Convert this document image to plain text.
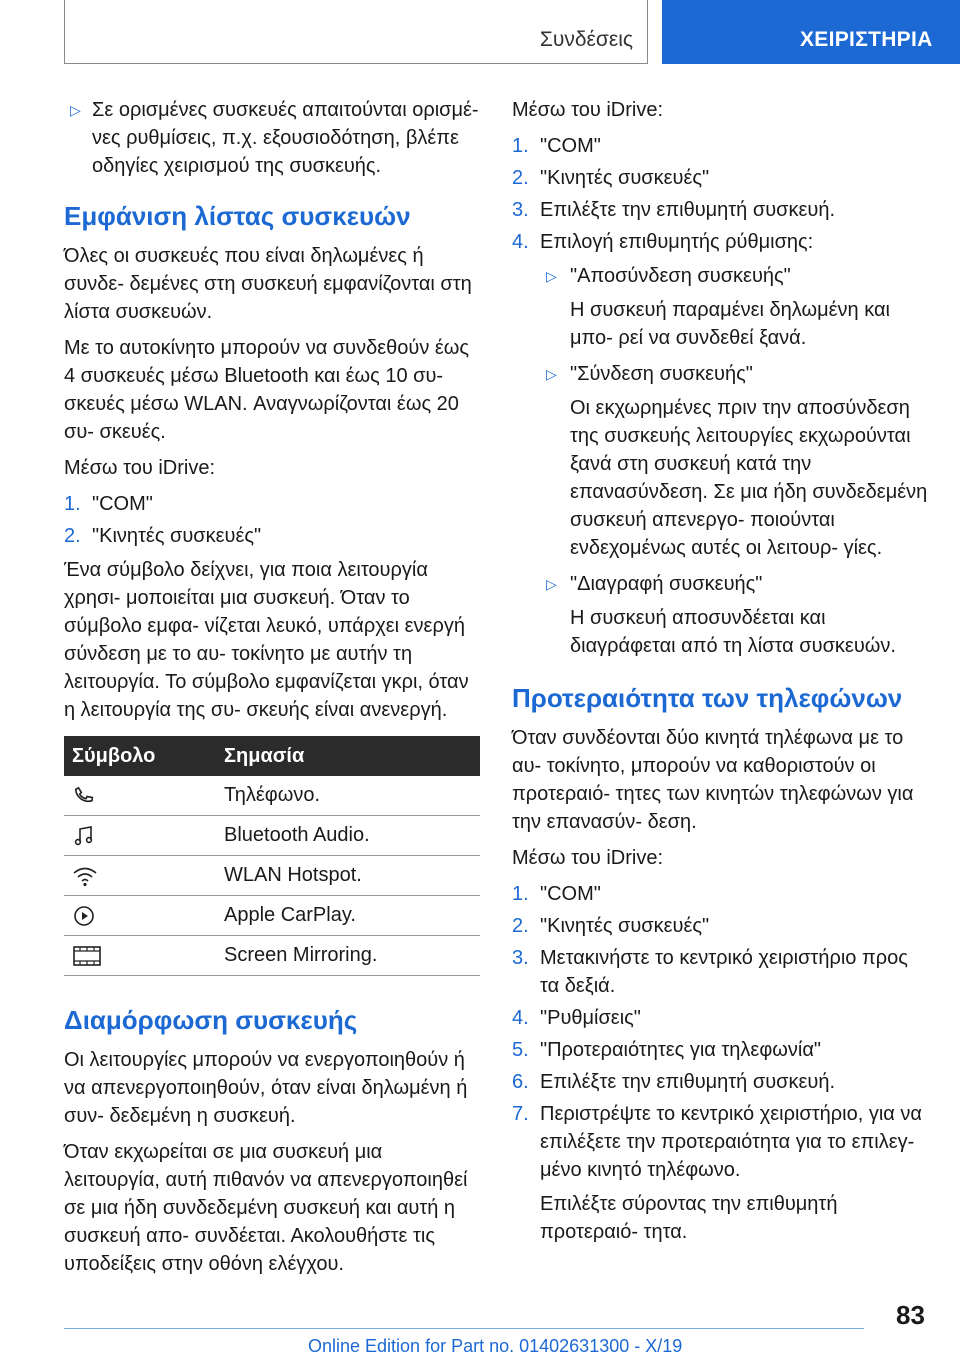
Συνδέσεις	ΧΕΙΡΙΣΤΗΡΙΑ
▷ Σε ορισμένες συσκευές απαιτούνται ορισμέ‐ νες ρυθμίσεις, π.χ. εξουσιοδότηση, βλέπε οδηγίες χειρισμού της συσκευής.
Εμφάνιση λίστας συσκευών

Όλες οι συσκευές που είναι δηλωμένες ή συνδε‐ δεμένες στη συσκευή εμφανίζονται στη λίστα συσκευών.

Με το αυτοκίνητο μπορούν να συνδεθούν έως 4 συσκευές μέσω Bluetooth και έως 10 συ‐ σκευές μέσω WLAN. Αναγνωρίζονται έως 20 συ‐ σκευές.

Μέσω του iDrive:

1. "COM"
2. "Κινητές συσκευές"

Ένα σύμβολο δείχνει, για ποια λειτουργία χρησι‐ μοποιείται μια συσκευή. Όταν το σύμβολο εμφα‐ νίζεται λευκό, υπάρχει ενεργή σύνδεση με το αυ‐ τοκίνητο με αυτήν τη λειτουργία. Το σύμβολο εμφανίζεται γκρι, όταν η λειτουργία της συ‐ σκευής είναι ανενεργή.

Σύμβολο	Σημασία

	Τηλέφωνο.

	Bluetooth Audio.

	WLAN Hotspot.

	Apple CarPlay.

	Screen Mirroring.
Διαμόρφωση συσκευής

Οι λειτουργίες μπορούν να ενεργοποιηθούν ή να απενεργοποιηθούν, όταν είναι δηλωμένη ή συν‐ δεδεμένη η συσκευή.

Όταν εκχωρείται σε μια συσκευή μια λειτουργία, αυτή πιθανόν να απενεργοποιηθεί σε μια ήδη συνδεδεμένη συσκευή και αυτή η συσκευή απο‐ συνδέεται. Ακολουθήστε τις υποδείξεις στην οθόνη ελέγχου.

Μέσω του iDrive:

1. "COM"
2. "Κινητές συσκευές"
3. Επιλέξτε την επιθυμητή συσκευή.
4. Επιλογή επιθυμητής ρύθμισης:
▷ "Αποσύνδεση συσκευής"
Η συσκευή παραμένει δηλωμένη και μπο‐ ρεί να συνδεθεί ξανά.
▷ "Σύνδεση συσκευής"
Οι εκχωρημένες πριν την αποσύνδεση της συσκευής λειτουργίες εκχωρούνται ξανά στη συσκευή κατά την επανασύνδεση. Σε μια ήδη συνδεδεμένη συσκευή απενεργο‐ ποιούνται ενδεχομένως αυτές οι λειτουρ‐ γίες.
▷ "Διαγραφή συσκευής"
Η συσκευή αποσυνδέεται και διαγράφεται από τη λίστα συσκευών.
Προτεραιότητα των τηλεφώνων

Όταν συνδέονται δύο κινητά τηλέφωνα με το αυ‐ τοκίνητο, μπορούν να καθοριστούν οι προτεραιό‐ τητες των κινητών τηλεφώνων για την επανασύν‐ δεση.

Μέσω του iDrive:

1. "COM"
2. "Κινητές συσκευές"
3. Μετακινήστε το κεντρικό χειριστήριο προς τα δεξιά.
4. "Ρυθμίσεις"
5. "Προτεραιότητες για τηλεφωνία"
6. Επιλέξτε την επιθυμητή συσκευή.
7. Περιστρέψτε το κεντρικό χειριστήριο, για να επιλέξετε την προτεραιότητα για το επιλεγ‐ μένο κινητό τηλέφωνο.
Επιλέξτε σύροντας την επιθυμητή προτεραιό‐ τητα.
83
Online Edition for Part no. 01402631300 - X/19
